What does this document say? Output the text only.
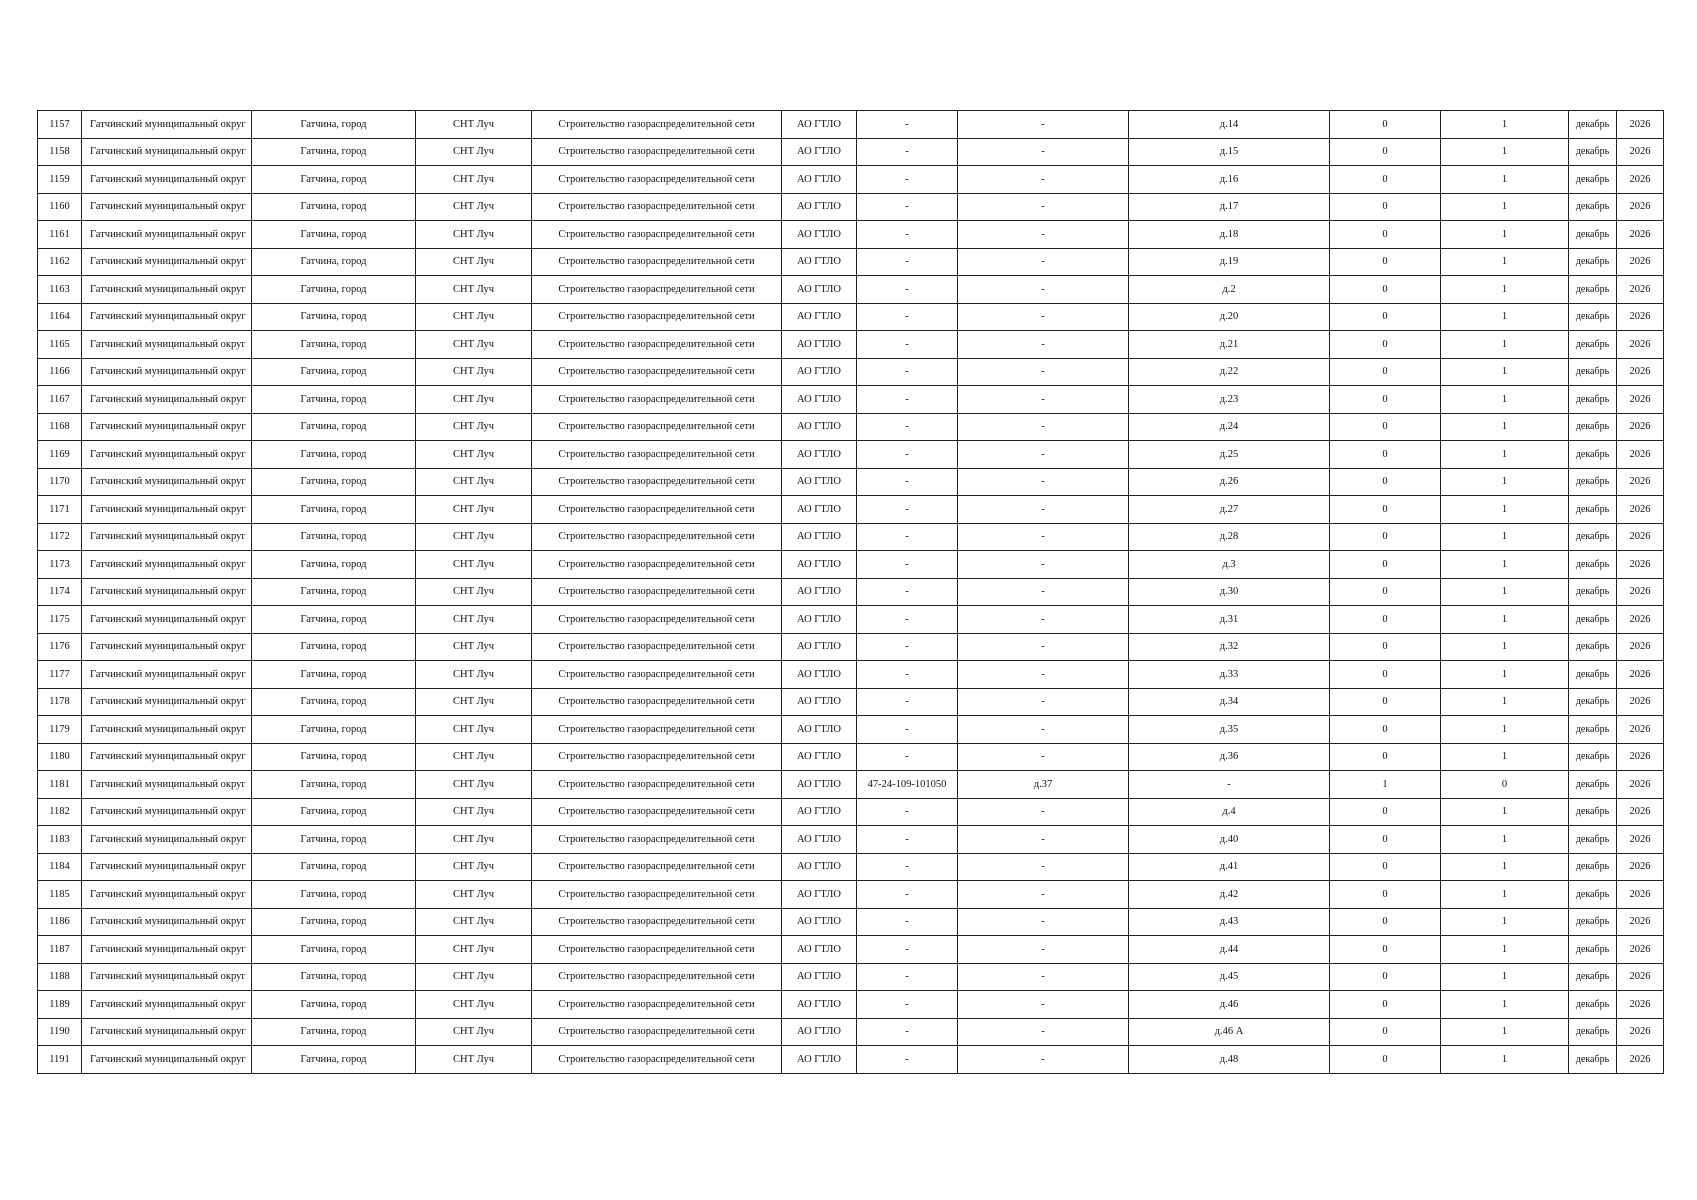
1157	Гатчинский муниципальный округ	Гатчина, город	СНТ Луч	Строительство газораспределительной сети	АО ГТЛО	-	-	д.14	0	1	декабрь	2026
1158	Гатчинский муниципальный округ	Гатчина, город	СНТ Луч	Строительство газораспределительной сети	АО ГТЛО	-	-	д.15	0	1	декабрь	2026
1159	Гатчинский муниципальный округ	Гатчина, город	СНТ Луч	Строительство газораспределительной сети	АО ГТЛО	-	-	д.16	0	1	декабрь	2026
1160	Гатчинский муниципальный округ	Гатчина, город	СНТ Луч	Строительство газораспределительной сети	АО ГТЛО	-	-	д.17	0	1	декабрь	2026
1161	Гатчинский муниципальный округ	Гатчина, город	СНТ Луч	Строительство газораспределительной сети	АО ГТЛО	-	-	д.18	0	1	декабрь	2026
1162	Гатчинский муниципальный округ	Гатчина, город	СНТ Луч	Строительство газораспределительной сети	АО ГТЛО	-	-	д.19	0	1	декабрь	2026
1163	Гатчинский муниципальный округ	Гатчина, город	СНТ Луч	Строительство газораспределительной сети	АО ГТЛО	-	-	д.2	0	1	декабрь	2026
1164	Гатчинский муниципальный округ	Гатчина, город	СНТ Луч	Строительство газораспределительной сети	АО ГТЛО	-	-	д.20	0	1	декабрь	2026
1165	Гатчинский муниципальный округ	Гатчина, город	СНТ Луч	Строительство газораспределительной сети	АО ГТЛО	-	-	д.21	0	1	декабрь	2026
1166	Гатчинский муниципальный округ	Гатчина, город	СНТ Луч	Строительство газораспределительной сети	АО ГТЛО	-	-	д.22	0	1	декабрь	2026
1167	Гатчинский муниципальный округ	Гатчина, город	СНТ Луч	Строительство газораспределительной сети	АО ГТЛО	-	-	д.23	0	1	декабрь	2026
1168	Гатчинский муниципальный округ	Гатчина, город	СНТ Луч	Строительство газораспределительной сети	АО ГТЛО	-	-	д.24	0	1	декабрь	2026
1169	Гатчинский муниципальный округ	Гатчина, город	СНТ Луч	Строительство газораспределительной сети	АО ГТЛО	-	-	д.25	0	1	декабрь	2026
1170	Гатчинский муниципальный округ	Гатчина, город	СНТ Луч	Строительство газораспределительной сети	АО ГТЛО	-	-	д.26	0	1	декабрь	2026
1171	Гатчинский муниципальный округ	Гатчина, город	СНТ Луч	Строительство газораспределительной сети	АО ГТЛО	-	-	д.27	0	1	декабрь	2026
1172	Гатчинский муниципальный округ	Гатчина, город	СНТ Луч	Строительство газораспределительной сети	АО ГТЛО	-	-	д.28	0	1	декабрь	2026
1173	Гатчинский муниципальный округ	Гатчина, город	СНТ Луч	Строительство газораспределительной сети	АО ГТЛО	-	-	д.3	0	1	декабрь	2026
1174	Гатчинский муниципальный округ	Гатчина, город	СНТ Луч	Строительство газораспределительной сети	АО ГТЛО	-	-	д.30	0	1	декабрь	2026
1175	Гатчинский муниципальный округ	Гатчина, город	СНТ Луч	Строительство газораспределительной сети	АО ГТЛО	-	-	д.31	0	1	декабрь	2026
1176	Гатчинский муниципальный округ	Гатчина, город	СНТ Луч	Строительство газораспределительной сети	АО ГТЛО	-	-	д.32	0	1	декабрь	2026
1177	Гатчинский муниципальный округ	Гатчина, город	СНТ Луч	Строительство газораспределительной сети	АО ГТЛО	-	-	д.33	0	1	декабрь	2026
1178	Гатчинский муниципальный округ	Гатчина, город	СНТ Луч	Строительство газораспределительной сети	АО ГТЛО	-	-	д.34	0	1	декабрь	2026
1179	Гатчинский муниципальный округ	Гатчина, город	СНТ Луч	Строительство газораспределительной сети	АО ГТЛО	-	-	д.35	0	1	декабрь	2026
1180	Гатчинский муниципальный округ	Гатчина, город	СНТ Луч	Строительство газораспределительной сети	АО ГТЛО	-	-	д.36	0	1	декабрь	2026
1181	Гатчинский муниципальный округ	Гатчина, город	СНТ Луч	Строительство газораспределительной сети	АО ГТЛО	47-24-109-101050	д.37	-	1	0	декабрь	2026
1182	Гатчинский муниципальный округ	Гатчина, город	СНТ Луч	Строительство газораспределительной сети	АО ГТЛО	-	-	д.4	0	1	декабрь	2026
1183	Гатчинский муниципальный округ	Гатчина, город	СНТ Луч	Строительство газораспределительной сети	АО ГТЛО	-	-	д.40	0	1	декабрь	2026
1184	Гатчинский муниципальный округ	Гатчина, город	СНТ Луч	Строительство газораспределительной сети	АО ГТЛО	-	-	д.41	0	1	декабрь	2026
1185	Гатчинский муниципальный округ	Гатчина, город	СНТ Луч	Строительство газораспределительной сети	АО ГТЛО	-	-	д.42	0	1	декабрь	2026
1186	Гатчинский муниципальный округ	Гатчина, город	СНТ Луч	Строительство газораспределительной сети	АО ГТЛО	-	-	д.43	0	1	декабрь	2026
1187	Гатчинский муниципальный округ	Гатчина, город	СНТ Луч	Строительство газораспределительной сети	АО ГТЛО	-	-	д.44	0	1	декабрь	2026
1188	Гатчинский муниципальный округ	Гатчина, город	СНТ Луч	Строительство газораспределительной сети	АО ГТЛО	-	-	д.45	0	1	декабрь	2026
1189	Гатчинский муниципальный округ	Гатчина, город	СНТ Луч	Строительство газораспределительной сети	АО ГТЛО	-	-	д.46	0	1	декабрь	2026
1190	Гатчинский муниципальный округ	Гатчина, город	СНТ Луч	Строительство газораспределительной сети	АО ГТЛО	-	-	д.46 А	0	1	декабрь	2026
1191	Гатчинский муниципальный округ	Гатчина, город	СНТ Луч	Строительство газораспределительной сети	АО ГТЛО	-	-	д.48	0	1	декабрь	2026
